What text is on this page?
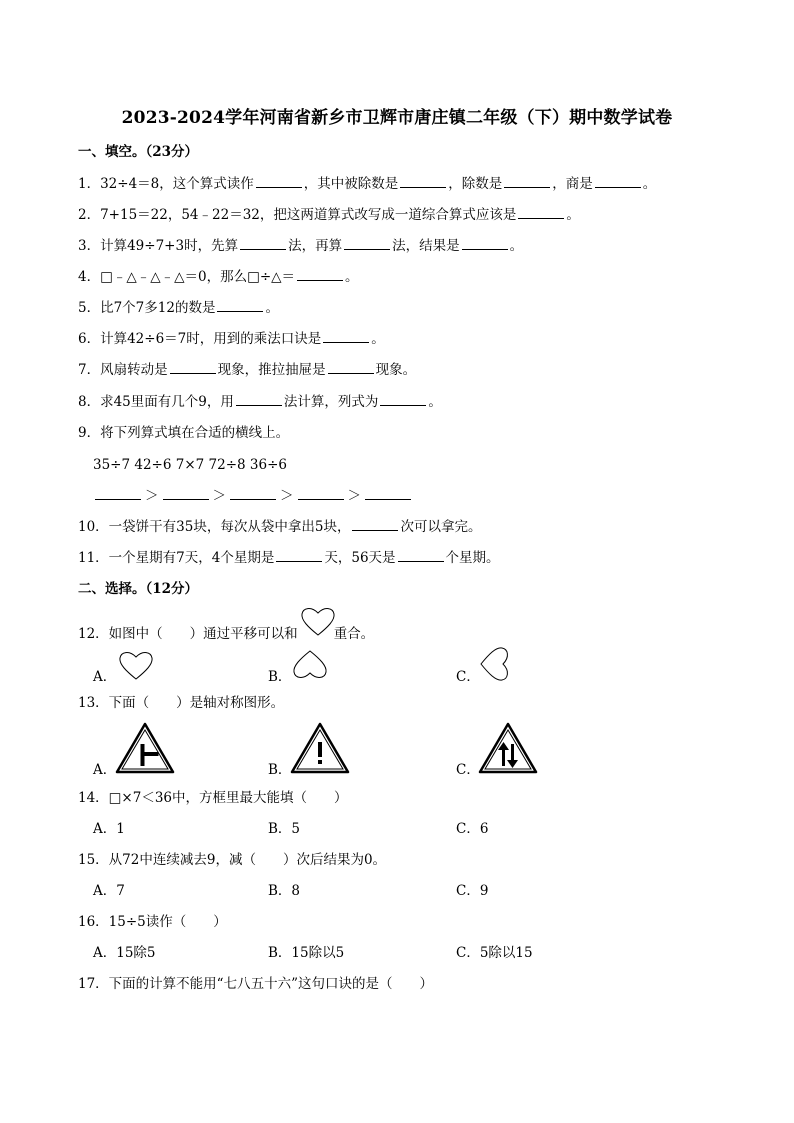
2023-2024学年河南省新乡市卫辉市唐庄镇二年级（下）期中数学试卷
一、填空。（23分）
1．32÷4＝8，这个算式读作	，其中被除数是	，除数是	，商是	。
2．7+15＝22，54﹣22＝32，把这两道算式改写成一道综合算式应该是	。
3．计算49÷7+3时，先算	法，再算	法，结果是	。
4．□﹣△﹣△﹣△＝0，那么□÷△＝	。
5．比7个7多12的数是	。
6．计算42÷6＝7时，用到的乘法口诀是	。
7．风扇转动是	现象，推拉抽屉是	现象。
8．求45里面有几个9，用	法计算，列式为	。
9．将下列算式填在合适的横线上。
35÷7 42÷6 7×7 72÷8 36÷6
＞	＞	＞	＞
10．一袋饼干有35块，每次从袋中拿出5块，	次可以拿完。
11．一个星期有7天，4个星期是	天，56天是	个星期。
二、选择。（12分）
12．如图中（　　）通过平移可以和	重合。
A．	B．	C．
13．下面（　　）是轴对称图形。
A．	B．	C．
14．□×7＜36中，方框里最大能填（　　）
A．1	B．5	C．6
15．从72中连续减去9，减（　　）次后结果为0。
A．7	B．8	C．9
16．15÷5读作（　　）
A．15除5	B．15除以5	C．5除以15
17．下面的计算不能用“七八五十六”这句口诀的是（　　）
